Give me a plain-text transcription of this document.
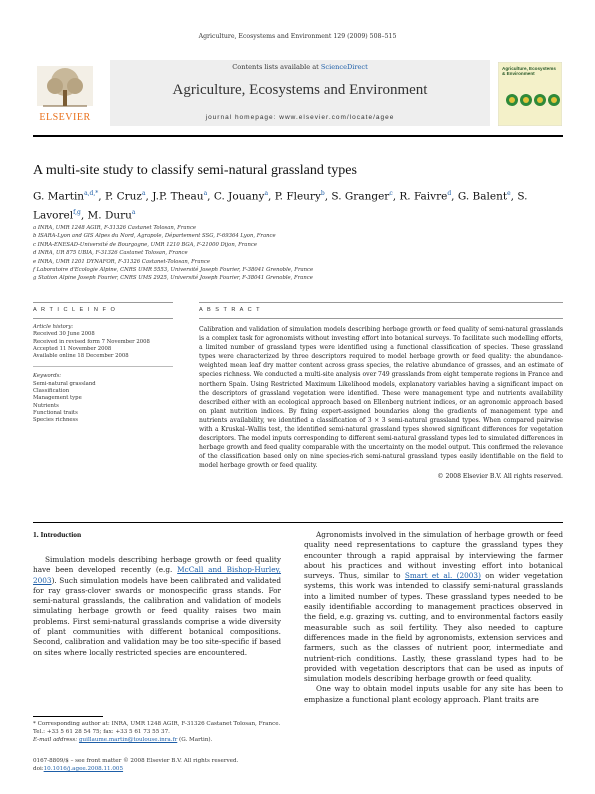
Agriculture, Ecosystems and Environment 129 (2009) 508–515
ELSEVIER
Contents lists available at ScienceDirect
Agriculture, Ecosystems and Environment
journal homepage: www.elsevier.com/locate/agee
Agriculture, Ecosystems & Environment
A multi-site study to classify semi-natural grassland types
G. Martin$^{a,d,*}$, P. Cruz$^a$, J.P. Theau$^a$, C. Jouany$^a$, P. Fleury$^b$, S. Granger$^c$, R. Faivre$^d$, G. Balent$^e$, S. Lavorel$^{f,g}$, M. Duru$^a$
a INRA, UMR 1248 AGIR, F-31326 Castanet Tolosan, France
b ISARA-Lyon and GIS Alpes du Nord, Agrapole, Département SSG, F-69364 Lyon, France
c INRA-ENESAD-Université de Bourgogne, UMR 1210 BGA, F-21000 Dijon, France
d INRA, UR 875 UBIA, F-31326 Castanet Tolosan, France
e INRA, UMR 1201 DYNAFOR, F-31326 Castanet-Tolosan, France
f Laboratoire d'Ecologie Alpine, CNRS UMR 5553, Université Joseph Fourier, F-38041 Grenoble, France
g Station Alpine Joseph Fourier, CNRS UMS 2925, Université Joseph Fourier, F-38041 Grenoble, France
A R T I C L E I N F O	A B S T R A C T
Article history:
Received 30 June 2008
Received in revised form 7 November 2008
Accepted 11 November 2008
Available online 18 December 2008
Keywords:
Semi-natural grassland
Classification
Management type
Nutrients
Functional traits
Species richness

Calibration and validation of simulation models describing herbage growth or feed quality of semi-natural grasslands is a complex task for agronomists without investing effort into botanical surveys. To facilitate such modelling efforts, a limited number of grassland types were identified using a functional classification of species. These grassland types were characterized by three descriptors required to model herbage growth or feed quality: the abundance-weighted mean leaf dry matter content across grass species, the relative abundance of grasses, and an estimate of species richness. We conducted a multi-site analysis over 749 grasslands from eight temperate regions in France and northern Spain. Using Restricted Maximum Likelihood models, explanatory variables having a significant impact on the descriptors of grassland vegetation were identified. These were management type and nutrients availability described either with an ecological approach based on Ellenberg nutrient indices, or an agronomic approach based on plant nutrition indices. By fixing expert-assigned boundaries along the gradients of management type and nutrients availability, we identified a classification of 3 × 3 semi-natural grassland types. When compared pairwise with a Kruskal–Wallis test, the identified semi-natural grassland types showed significant differences for vegetation descriptors. The model inputs corresponding to different semi-natural grassland types led to simulated differences in herbage growth and feed quality comparable with the uncertainty on the model output. This confirmed the relevance of the classification based only on nine species-rich semi-natural grassland types easily identifiable on the field to model herbage growth or feed quality.

© 2008 Elsevier B.V. All rights reserved.
1. Introduction

Simulation models describing herbage growth or feed quality have been developed recently (e.g. McCall and Bishop-Hurley, 2003). Such simulation models have been calibrated and validated for ray grass-clover swards or monospecific grass stands. For semi-natural grasslands, the calibration and validation of models simulating herbage growth or feed quality raises two main problems. First semi-natural grasslands comprise a wide diversity of plant communities with different botanical compositions. Second, calibration and validation may be too site-specific if based on sites where locally restricted species are encountered.

Agronomists involved in the simulation of herbage growth or feed quality need representations to capture the grassland types they encounter through a rapid appraisal by interviewing the farmer about his practices and without investing effort into botanical surveys. Thus, similar to Smart et al. (2003) on wider vegetation systems, this work was intended to classify semi-natural grasslands into a limited number of types. These grassland types needed to be easily identifiable according to management practices observed in the field, e.g. grazing vs. cutting, and to environmental factors easily measurable such as soil fertility. They also needed to capture differences made in the field by agronomists, extension services and farmers, such as the classes of nutrient poor, intermediate and nutrient-rich conditions. Lastly, these grassland types had to be provided with vegetation descriptors that can be used as inputs of simulation models describing herbage growth or feed quality.

One way to obtain model inputs usable for any site has been to emphasize a functional plant ecology approach. Plant traits are

* Corresponding author at: INRA, UMR 1248 AGIR, F-31326 Castanet Tolosan, France. Tel.: +33 5 61 28 54 75; fax: +33 5 61 73 55 37.
E-mail address: guillaume.martin@toulouse.inra.fr (G. Martin).
0167-8809/$ – see front matter © 2008 Elsevier B.V. All rights reserved.
doi:10.1016/j.agee.2008.11.005
